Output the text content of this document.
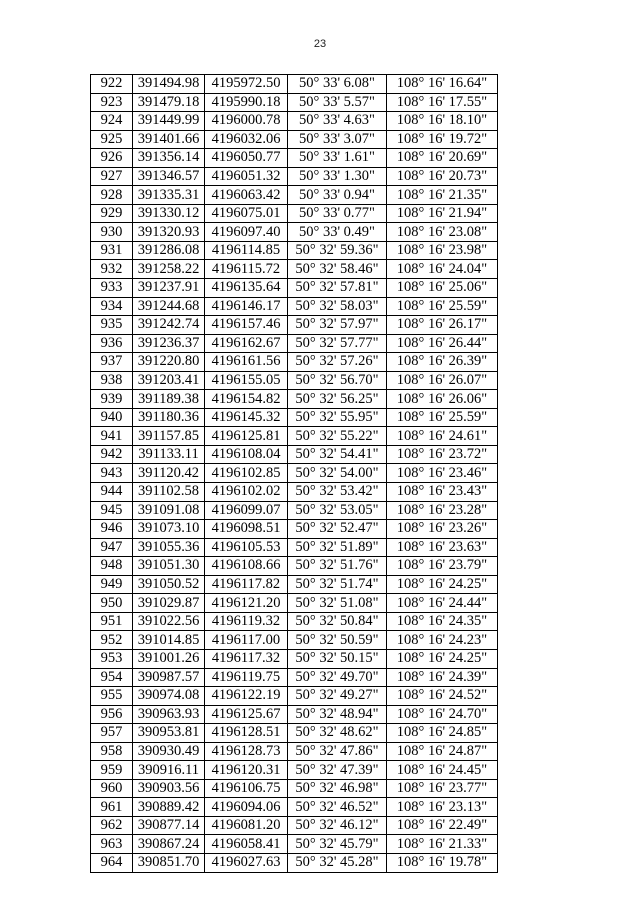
23
922	391494.98	4195972.50	50° 33' 6.08"	108° 16' 16.64"
923	391479.18	4195990.18	50° 33' 5.57"	108° 16' 17.55"
924	391449.99	4196000.78	50° 33' 4.63"	108° 16' 18.10"
925	391401.66	4196032.06	50° 33' 3.07"	108° 16' 19.72"
926	391356.14	4196050.77	50° 33' 1.61"	108° 16' 20.69"
927	391346.57	4196051.32	50° 33' 1.30"	108° 16' 20.73"
928	391335.31	4196063.42	50° 33' 0.94"	108° 16' 21.35"
929	391330.12	4196075.01	50° 33' 0.77"	108° 16' 21.94"
930	391320.93	4196097.40	50° 33' 0.49"	108° 16' 23.08"
931	391286.08	4196114.85	50° 32' 59.36"	108° 16' 23.98"
932	391258.22	4196115.72	50° 32' 58.46"	108° 16' 24.04"
933	391237.91	4196135.64	50° 32' 57.81"	108° 16' 25.06"
934	391244.68	4196146.17	50° 32' 58.03"	108° 16' 25.59"
935	391242.74	4196157.46	50° 32' 57.97"	108° 16' 26.17"
936	391236.37	4196162.67	50° 32' 57.77"	108° 16' 26.44"
937	391220.80	4196161.56	50° 32' 57.26"	108° 16' 26.39"
938	391203.41	4196155.05	50° 32' 56.70"	108° 16' 26.07"
939	391189.38	4196154.82	50° 32' 56.25"	108° 16' 26.06"
940	391180.36	4196145.32	50° 32' 55.95"	108° 16' 25.59"
941	391157.85	4196125.81	50° 32' 55.22"	108° 16' 24.61"
942	391133.11	4196108.04	50° 32' 54.41"	108° 16' 23.72"
943	391120.42	4196102.85	50° 32' 54.00"	108° 16' 23.46"
944	391102.58	4196102.02	50° 32' 53.42"	108° 16' 23.43"
945	391091.08	4196099.07	50° 32' 53.05"	108° 16' 23.28"
946	391073.10	4196098.51	50° 32' 52.47"	108° 16' 23.26"
947	391055.36	4196105.53	50° 32' 51.89"	108° 16' 23.63"
948	391051.30	4196108.66	50° 32' 51.76"	108° 16' 23.79"
949	391050.52	4196117.82	50° 32' 51.74"	108° 16' 24.25"
950	391029.87	4196121.20	50° 32' 51.08"	108° 16' 24.44"
951	391022.56	4196119.32	50° 32' 50.84"	108° 16' 24.35"
952	391014.85	4196117.00	50° 32' 50.59"	108° 16' 24.23"
953	391001.26	4196117.32	50° 32' 50.15"	108° 16' 24.25"
954	390987.57	4196119.75	50° 32' 49.70"	108° 16' 24.39"
955	390974.08	4196122.19	50° 32' 49.27"	108° 16' 24.52"
956	390963.93	4196125.67	50° 32' 48.94"	108° 16' 24.70"
957	390953.81	4196128.51	50° 32' 48.62"	108° 16' 24.85"
958	390930.49	4196128.73	50° 32' 47.86"	108° 16' 24.87"
959	390916.11	4196120.31	50° 32' 47.39"	108° 16' 24.45"
960	390903.56	4196106.75	50° 32' 46.98"	108° 16' 23.77"
961	390889.42	4196094.06	50° 32' 46.52"	108° 16' 23.13"
962	390877.14	4196081.20	50° 32' 46.12"	108° 16' 22.49"
963	390867.24	4196058.41	50° 32' 45.79"	108° 16' 21.33"
964	390851.70	4196027.63	50° 32' 45.28"	108° 16' 19.78"
